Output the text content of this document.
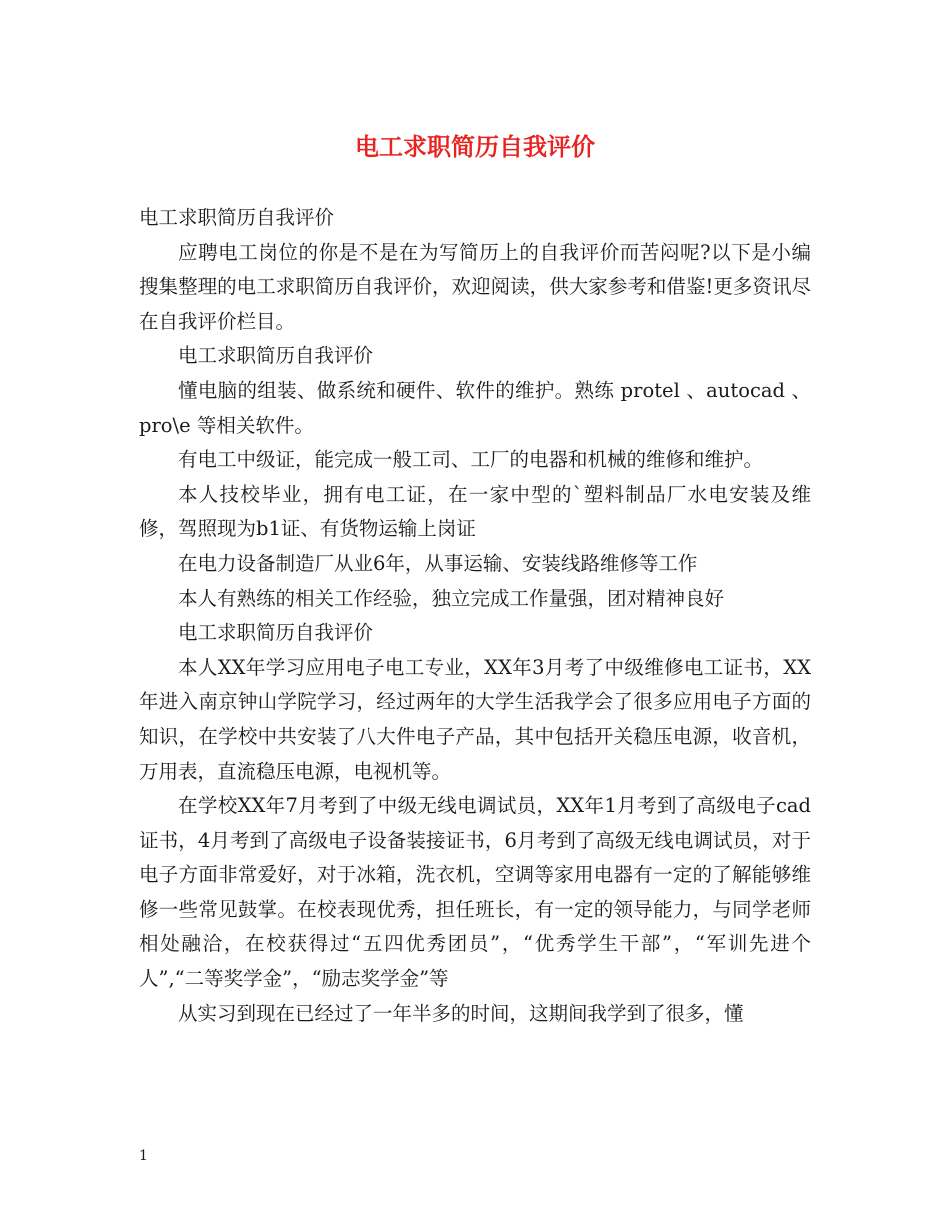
电工求职简历自我评价

电工求职简历自我评价

应聘电工岗位的你是不是在为写简历上的自我评价而苦闷呢?以下是小编搜集整理的电工求职简历自我评价，欢迎阅读，供大家参考和借鉴!更多资讯尽在自我评价栏目。

电工求职简历自我评价

懂电脑的组装、做系统和硬件、软件的维护。熟练 protel 、autocad 、 pro\e 等相关软件。

有电工中级证，能完成一般工司、工厂的电器和机械的维修和维护。

本人技校毕业，拥有电工证，在一家中型的`塑料制品厂水电安装及维修，驾照现为b1证、有货物运输上岗证

在电力设备制造厂从业6年，从事运输、安装线路维修等工作

本人有熟练的相关工作经验，独立完成工作量强，团对精神良好

电工求职简历自我评价

本人XX年学习应用电子电工专业，XX年3月考了中级维修电工证书，XX年进入南京钟山学院学习，经过两年的大学生活我学会了很多应用电子方面的知识，在学校中共安装了八大件电子产品，其中包括开关稳压电源，收音机，万用表，直流稳压电源，电视机等。

在学校XX年7月考到了中级无线电调试员，XX年1月考到了高级电子cad证书，4月考到了高级电子设备装接证书，6月考到了高级无线电调试员，对于电子方面非常爱好，对于冰箱，洗衣机，空调等家用电器有一定的了解能够维修一些常见鼓掌。在校表现优秀，担任班长，有一定的领导能力，与同学老师相处融洽，在校获得过“五四优秀团员”，“优秀学生干部”，“军训先进个人”,“二等奖学金”，“励志奖学金”等

从实习到现在已经过了一年半多的时间，这期间我学到了很多，懂

1
